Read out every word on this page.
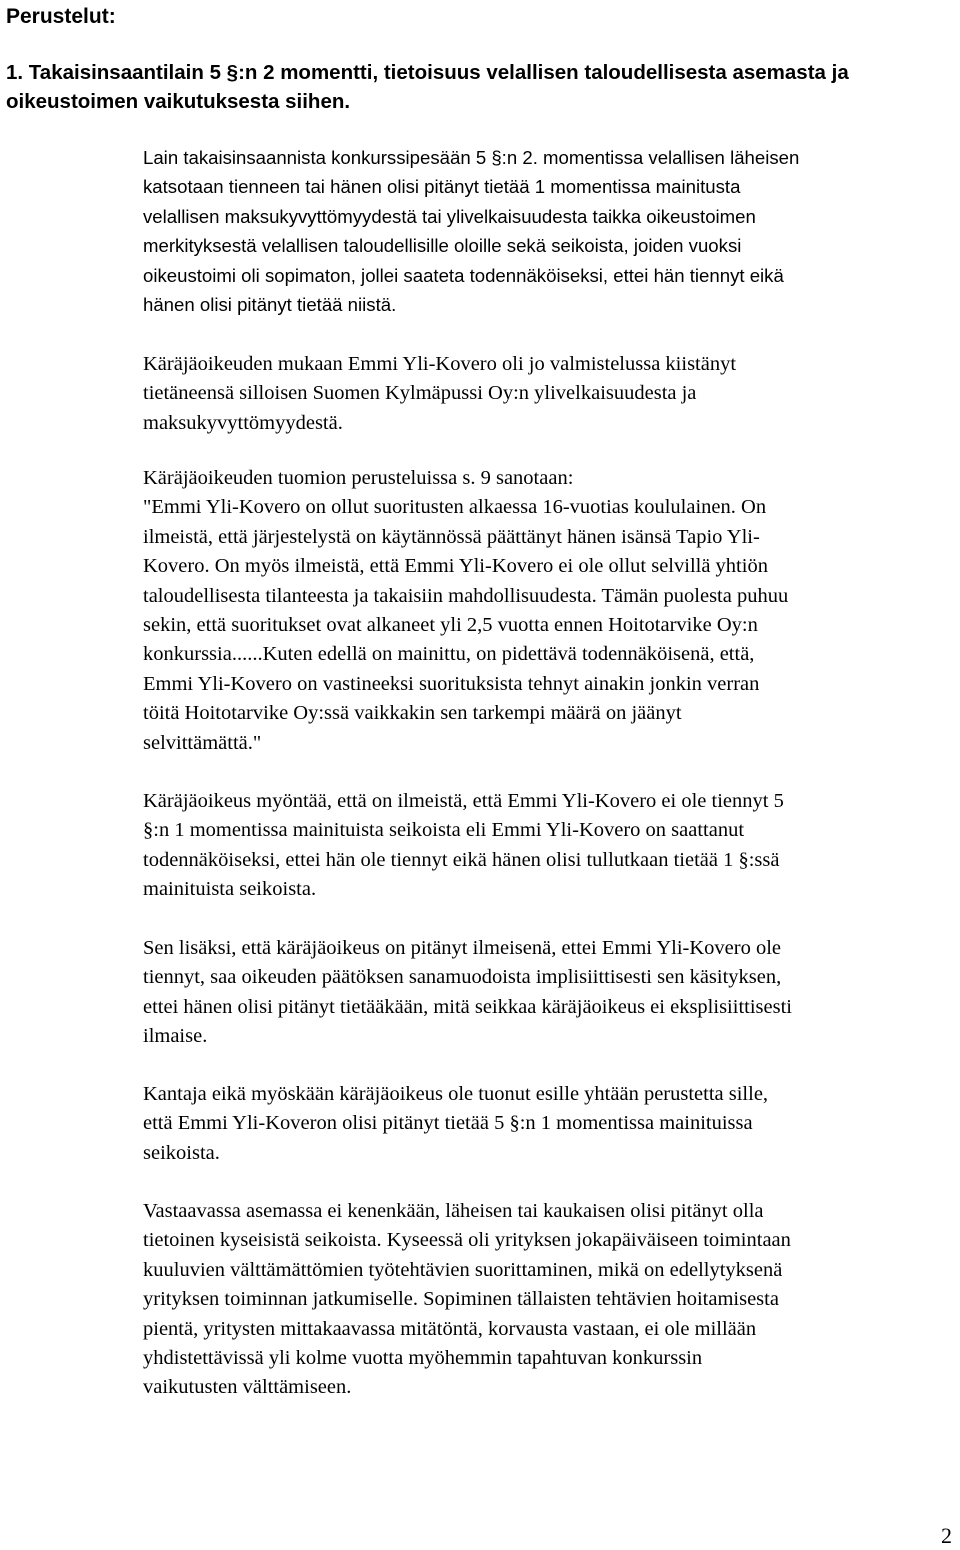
Perustelut:

1. Takaisinsaantilain 5 §:n 2 momentti, tietoisuus velallisen taloudellisesta asemasta ja
oikeustoimen vaikutuksesta siihen.

Lain takaisinsaannista konkurssipesään 5 §:n 2. momentissa velallisen läheisen
katsotaan tienneen tai hänen olisi pitänyt tietää 1 momentissa mainitusta
velallisen maksukyvyttömyydestä tai ylivelkaisuudesta taikka oikeustoimen
merkityksestä velallisen taloudellisille oloille sekä seikoista, joiden vuoksi
oikeustoimi oli sopimaton, jollei saateta todennäköiseksi, ettei hän tiennyt eikä
hänen olisi pitänyt tietää niistä.

Käräjäoikeuden mukaan Emmi Yli-Kovero oli jo valmistelussa kiistänyt
tietäneensä silloisen Suomen Kylmäpussi Oy:n ylivelkaisuudesta ja
maksukyvyttömyydestä.

Käräjäoikeuden tuomion perusteluissa s. 9 sanotaan:
"Emmi Yli-Kovero on ollut suoritusten alkaessa 16-vuotias koululainen. On
ilmeistä, että järjestelystä on käytännössä päättänyt hänen isänsä Tapio Yli-
Kovero. On myös ilmeistä, että Emmi Yli-Kovero ei ole ollut selvillä yhtiön
taloudellisesta tilanteesta ja takaisiin mahdollisuudesta. Tämän puolesta puhuu
sekin, että suoritukset ovat alkaneet yli 2,5 vuotta ennen Hoitotarvike Oy:n
konkurssia......Kuten edellä on mainittu, on pidettävä todennäköisenä, että,
Emmi Yli-Kovero on vastineeksi suorituksista tehnyt ainakin jonkin verran
töitä Hoitotarvike Oy:ssä vaikkakin sen tarkempi määrä on jäänyt
selvittämättä."

Käräjäoikeus myöntää, että on ilmeistä, että Emmi Yli-Kovero ei ole tiennyt 5
§:n 1 momentissa mainituista seikoista eli Emmi Yli-Kovero on saattanut
todennäköiseksi, ettei hän ole tiennyt eikä hänen olisi tullutkaan tietää 1 §:ssä
mainituista seikoista.

Sen lisäksi, että käräjäoikeus on pitänyt ilmeisenä, ettei Emmi Yli-Kovero ole
tiennyt, saa oikeuden päätöksen sanamuodoista implisiittisesti sen käsityksen,
ettei hänen olisi pitänyt tietääkään, mitä seikkaa käräjäoikeus ei eksplisiittisesti
ilmaise.

Kantaja eikä myöskään käräjäoikeus ole tuonut esille yhtään perustetta sille,
että Emmi Yli-Koveron olisi pitänyt tietää 5 §:n 1 momentissa mainituissa
seikoista.

Vastaavassa asemassa ei kenenkään, läheisen tai kaukaisen olisi pitänyt olla
tietoinen kyseisistä seikoista. Kyseessä oli yrityksen jokapäiväiseen toimintaan
kuuluvien välttämättömien työtehtävien suorittaminen, mikä on edellytyksenä
yrityksen toiminnan jatkumiselle. Sopiminen tällaisten tehtävien hoitamisesta
pientä, yritysten mittakaavassa mitätöntä, korvausta vastaan, ei ole millään
yhdistettävissä yli kolme vuotta myöhemmin tapahtuvan konkurssin
vaikutusten välttämiseen.

2
